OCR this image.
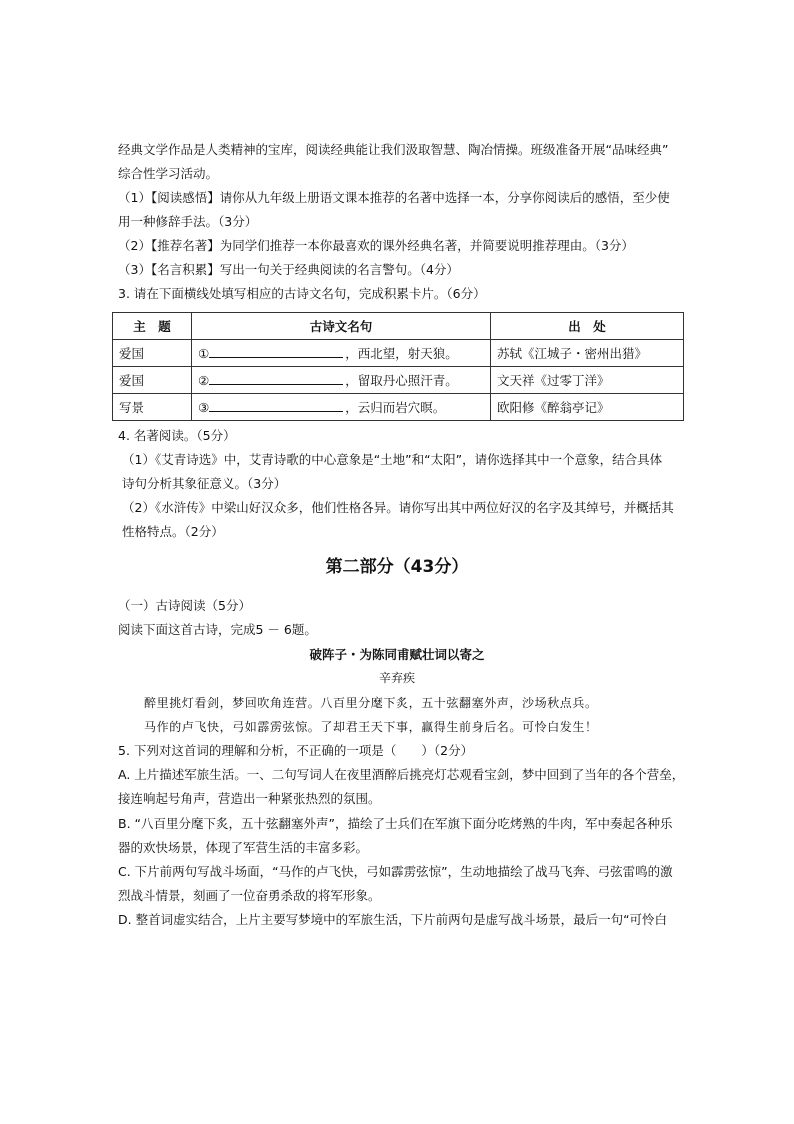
经典文学作品是人类精神的宝库，阅读经典能让我们汲取智慧、陶冶情操。班级准备开展“品味经典”
综合性学习活动。
（1）【阅读感悟】请你从九年级上册语文课本推荐的名著中选择一本，分享你阅读后的感悟，至少使
用一种修辞手法。（3分）
（2）【推荐名著】为同学们推荐一本你最喜欢的课外经典名著，并简要说明推荐理由。（3分）
（3）【名言积累】写出一句关于经典阅读的名言警句。（4分）
3. 请在下面横线处填写相应的古诗文名句，完成积累卡片。（6分）
主　题	古诗文名句	出　处
爱国	① ，西北望，射天狼。	苏轼《江城子・密州出猎》
爱国	② ，留取丹心照汗青。	文天祥《过零丁洋》
写景	③ ，云归而岩穴暝。	欧阳修《醉翁亭记》
4. 名著阅读。（5分）
（1）《艾青诗选》中，艾青诗歌的中心意象是“土地”和“太阳”，请你选择其中一个意象，结合具体
诗句分析其象征意义。（3分）
（2）《水浒传》中梁山好汉众多，他们性格各异。请你写出其中两位好汉的名字及其绰号，并概括其
性格特点。（2分）
第二部分（43分）
（一）古诗阅读（5分）
阅读下面这首古诗，完成5 － 6题。
破阵子・为陈同甫赋壮词以寄之
辛弃疾
醉里挑灯看剑，梦回吹角连营。八百里分麾下炙，五十弦翻塞外声，沙场秋点兵。
马作的卢飞快，弓如霹雳弦惊。了却君王天下事，赢得生前身后名。可怜白发生！
5. 下列对这首词的理解和分析，不正确的一项是（　　）（2分）
A. 上片描述军旅生活。一、二句写词人在夜里酒醉后挑亮灯芯观看宝剑，梦中回到了当年的各个营垒，
接连响起号角声，营造出一种紧张热烈的氛围。
B. “八百里分麾下炙，五十弦翻塞外声”，描绘了士兵们在军旗下面分吃烤熟的牛肉，军中奏起各种乐
器的欢快场景，体现了军营生活的丰富多彩。
C. 下片前两句写战斗场面，“马作的卢飞快，弓如霹雳弦惊”，生动地描绘了战马飞奔、弓弦雷鸣的激
烈战斗情景，刻画了一位奋勇杀敌的将军形象。
D. 整首词虚实结合，上片主要写梦境中的军旅生活，下片前两句是虚写战斗场景，最后一句“可怜白
